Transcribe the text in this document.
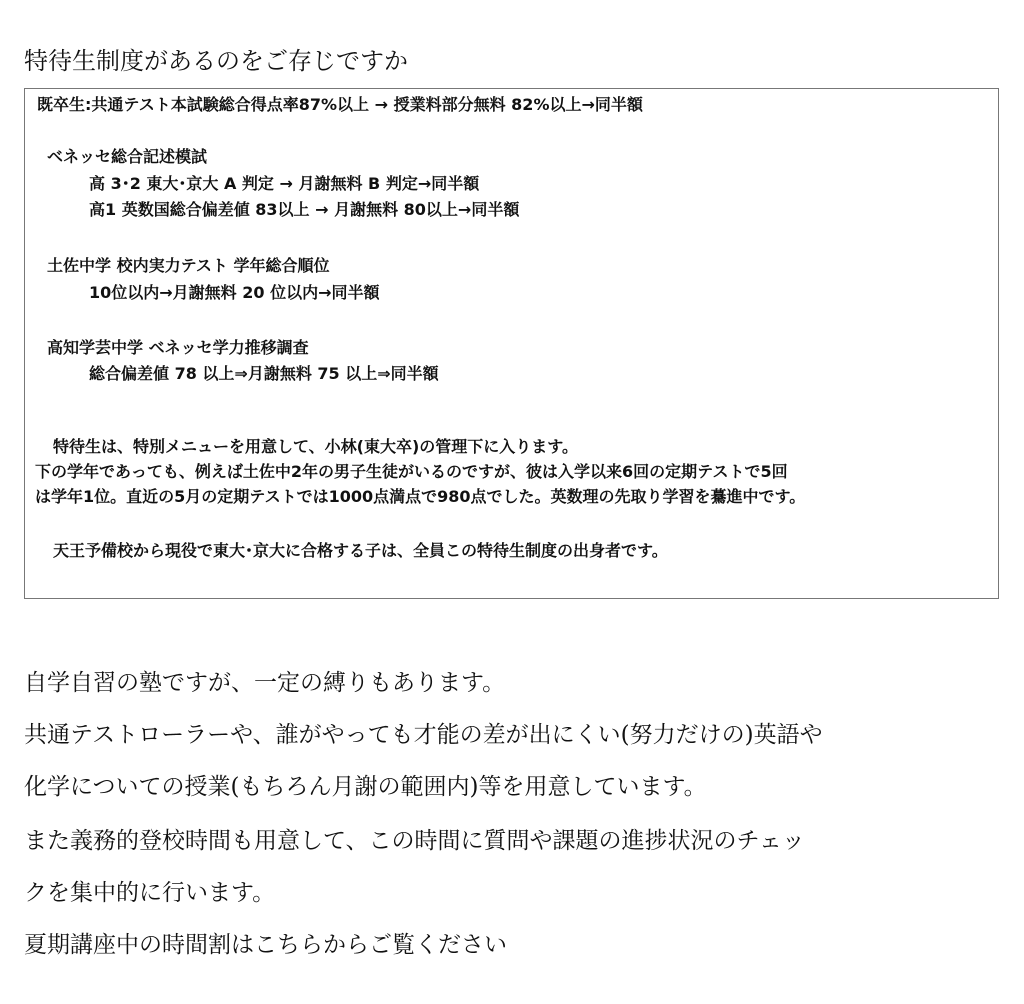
特待生制度があるのをご存じですか
既卒生:共通テスト本試験総合得点率87%以上 → 授業料部分無料 82%以上→同半額
ベネッセ総合記述模試
高 3･2 東大･京大 A 判定 → 月謝無料 B 判定→同半額
高1 英数国総合偏差値 83以上 → 月謝無料 80以上→同半額
土佐中学 校内実力テスト 学年総合順位
10位以内→月謝無料 20 位以内→同半額
高知学芸中学 ベネッセ学力推移調査
総合偏差値 78 以上⇒月謝無料 75 以上⇒同半額
特待生は、特別メニューを用意して、小林(東大卒)の管理下に入ります。
下の学年であっても、例えば土佐中2年の男子生徒がいるのですが、彼は入学以来6回の定期テストで5回
は学年1位。直近の5月の定期テストでは1000点満点で980点でした。英数理の先取り学習を驀進中です。
天王予備校から現役で東大･京大に合格する子は、全員この特待生制度の出身者です。
自学自習の塾ですが、一定の縛りもあります。
共通テストローラーや、誰がやっても才能の差が出にくい(努力だけの)英語や
化学についての授業(もちろん月謝の範囲内)等を用意しています。
また義務的登校時間も用意して、この時間に質問や課題の進捗状況のチェッ
クを集中的に行います。
夏期講座中の時間割はこちらからご覧ください
